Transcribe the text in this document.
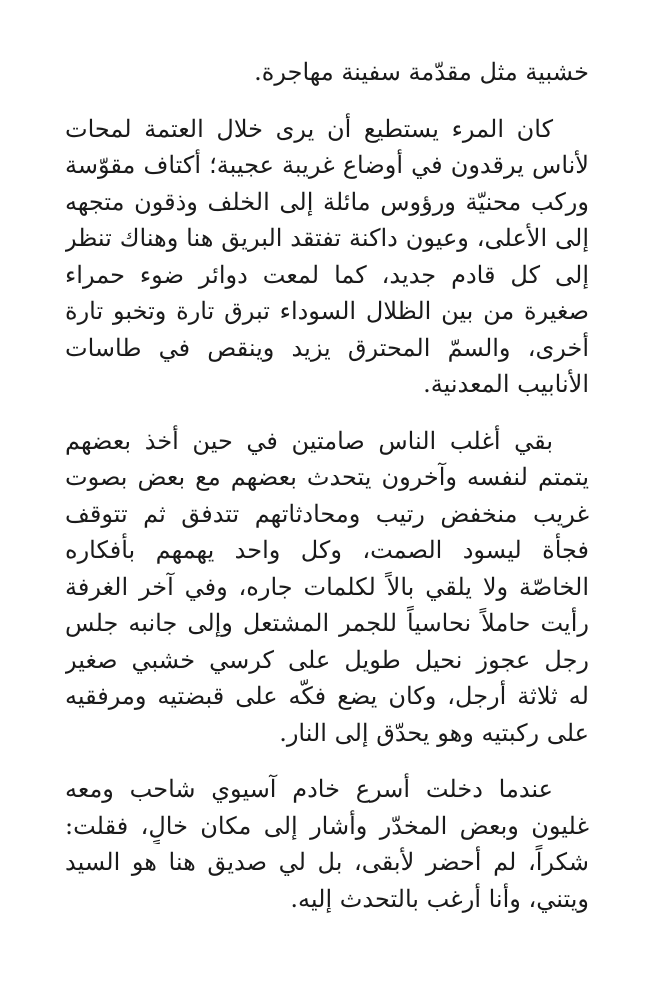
خشبية مثل مقدّمة سفينة مهاجرة.
كان المرء يستطيع أن يرى خلال العتمة لمحات
لأناس يرقدون في أوضاع غريبة عجيبة؛ أكتاف مقوّسة
وركب محنيّة ورؤوس مائلة إلى الخلف وذقون متجهه
إلى الأعلى، وعيون داكنة تفتقد البريق هنا وهناك تنظر
إلى كل قادم جديد، كما لمعت دوائر ضوء حمراء
صغيرة من بين الظلال السوداء تبرق تارة وتخبو تارة
أخرى، والسمّ المحترق يزيد وينقص في طاسات
الأنابيب المعدنية.
بقي أغلب الناس صامتين في حين أخذ بعضهم
يتمتم لنفسه وآخرون يتحدث بعضهم مع بعض بصوت
غريب منخفض رتيب ومحادثاتهم تتدفق ثم تتوقف
فجأة ليسود الصمت، وكل واحد يهمهم بأفكاره
الخاصّة ولا يلقي بالاً لكلمات جاره، وفي آخر الغرفة
رأيت حاملاً نحاسياً للجمر المشتعل وإلى جانبه جلس
رجل عجوز نحيل طويل على كرسي خشبي صغير
له ثلاثة أرجل، وكان يضع فكّه على قبضتيه ومرفقيه
على ركبتيه وهو يحدّق إلى النار.
عندما دخلت أسرع خادم آسيوي شاحب ومعه
غليون وبعض المخدّر وأشار إلى مكان خالٍ، فقلت:
شكراً، لم أحضر لأبقى، بل لي صديق هنا هو السيد
ويتني، وأنا أرغب بالتحدث إليه.
